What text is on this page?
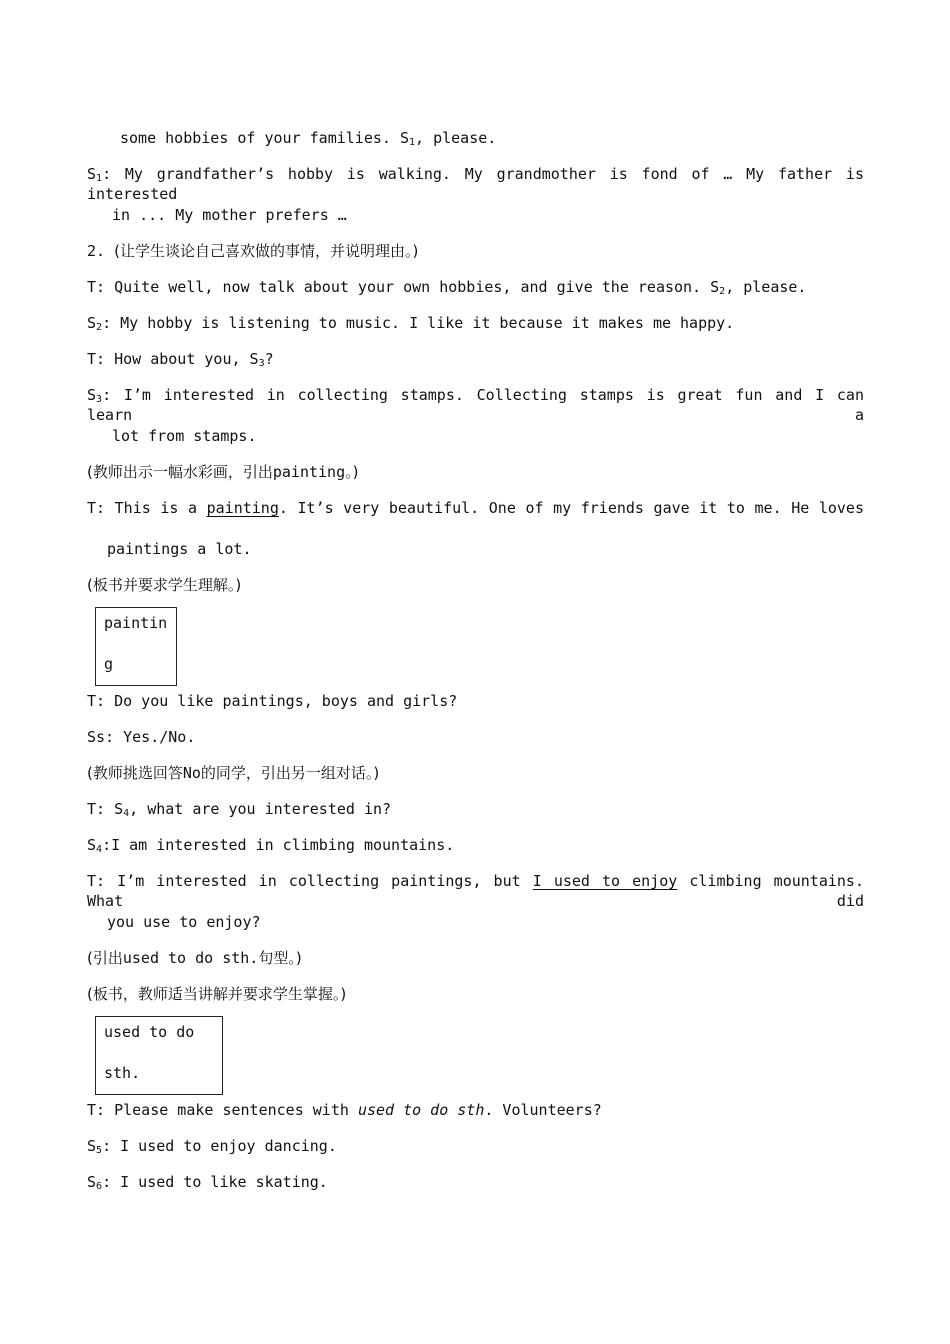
some hobbies of your families. $S_1$, please.
$S_1$: My grandfather’s hobby is walking. My grandmother is fond of … My father is interested
in ... My mother prefers …
2. (让学生谈论自己喜欢做的事情，并说明理由。)
T: Quite well, now talk about your own hobbies, and give the reason. $S_2$, please.
$S_2$: My hobby is listening to music. I like it because it makes me happy.
T: How about you, $S_3$?
$S_3$: I’m interested in collecting stamps. Collecting stamps is great fun and I can learn a
lot from stamps.
(教师出示一幅水彩画，引出painting。)
T: This is a painting. It’s very beautiful. One of my friends gave it to me. He loves
paintings a lot.
(板书并要求学生理解。)
paintin
g
T: Do you like paintings, boys and girls?
Ss: Yes./No.
(教师挑选回答No的同学，引出另一组对话。)
T: $S_4$, what are you interested in?
$S_4:I$ am interested in climbing mountains.
T: I’m interested in collecting paintings, but I used to enjoy climbing mountains. What did
you use to enjoy?
(引出used to do sth.句型。)
(板书，教师适当讲解并要求学生掌握。)
used to do
sth.
T: Please make sentences with used to do sth. Volunteers?
$S_5$: I used to enjoy dancing.
$S_6$: I used to like skating.
